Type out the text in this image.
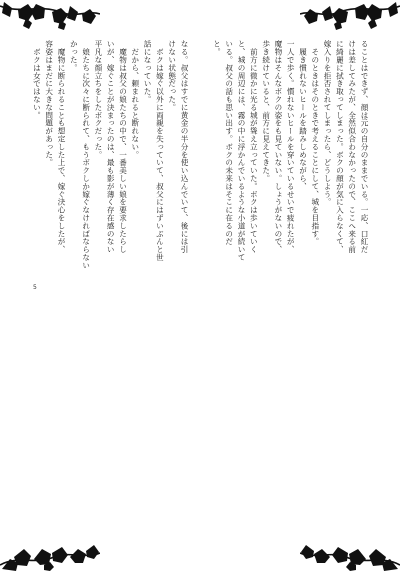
ることはできず、顔は元の自分のままでいる。一応、口紅だ
けは差してみたが、全然似合わなかったので、ここへ来る前
に綺麗に拭き取ってしまった。ボクの顔が気に入らなくて、
嫁入りを拒否されてしまったら、どうしよう。
　そのときはそのときで考えることにして、城を目指す。
　履き慣れないヒールを踏みしめながら、
一人で歩く。慣れないヒールを穿いているせいで疲れたが、
魔物はそんなボクの姿をも見ていない。しょうがないので、
歩き続けていると、前方に見えてきた。
　前方に微かに光る城が聳え立っていた。ボクは歩いていく
と、城の周辺には、霧の中に浮かんでいるような小道が続いて
いる。叔父の話も思い出す。ボクの未来はそこに在るのだ
と。
なる。叔父はすでに黄金の半分を使い込んでいて、後には引
けない状態だった。
　ボクは嫁ぐ以外に両親を失っていて、叔父にはずいぶんと世
話になっていた。
　だから、頼まれると断れない。
　魔物は叔父の娘たちの中で、一番美しい娘を要求したらし
いが、嫁ぐことが決まったのは、最も影が薄く存在感のない
平凡な顔立ちをしたボクだった。
　娘たちに次々に断られて、もうボクしか嫁ぐなければならない
かった。
　魔物に断られることも想定した上で、嫁ぐ決心をしたが、
容姿はまだに大きな問題があった。
　ボクは女ではない。
5
